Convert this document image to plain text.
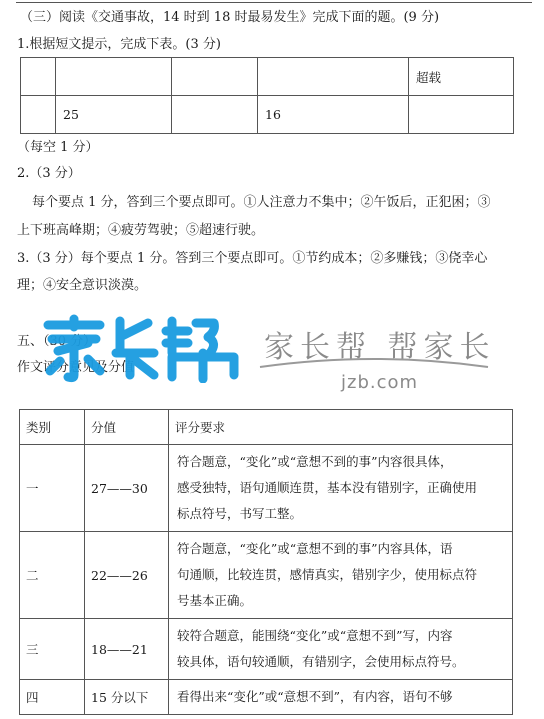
（三）阅读《交通事故，14 时到 18 时最易发生》完成下面的题。(9 分)
1.根据短文提示，完成下表。(3 分)
				超载
	25		16	
（每空 1 分）
2.（3 分）
每个要点 1 分，答到三个要点即可。①人注意力不集中；②午饭后，正犯困；③
上下班高峰期；④疲劳驾驶；⑤超速行驶。
3.（3 分）每个要点 1 分。答到三个要点即可。①节约成本；②多赚钱；③侥幸心
理；④安全意识淡漠。
五、（30 分）
作文评分意见及分值
家长帮 帮家长
jzb.com
类别	分值	评分要求
一	27——30	符合题意，“变化”或“意想不到的事”内容很具体，
感受独特，语句通顺连贯，基本没有错别字，正确使用
标点符号，书写工整。

二	22——26	符合题意，“变化”或“意想不到的事”内容具体，语
句通顺，比较连贯，感情真实，错别字少，使用标点符
号基本正确。

三	18——21	较符合题意，能围绕“变化”或“意想不到”写，内容
较具体，语句较通顺，有错别字，会使用标点符号。

四	15 分以下	看得出来“变化”或“意想不到”，有内容，语句不够
